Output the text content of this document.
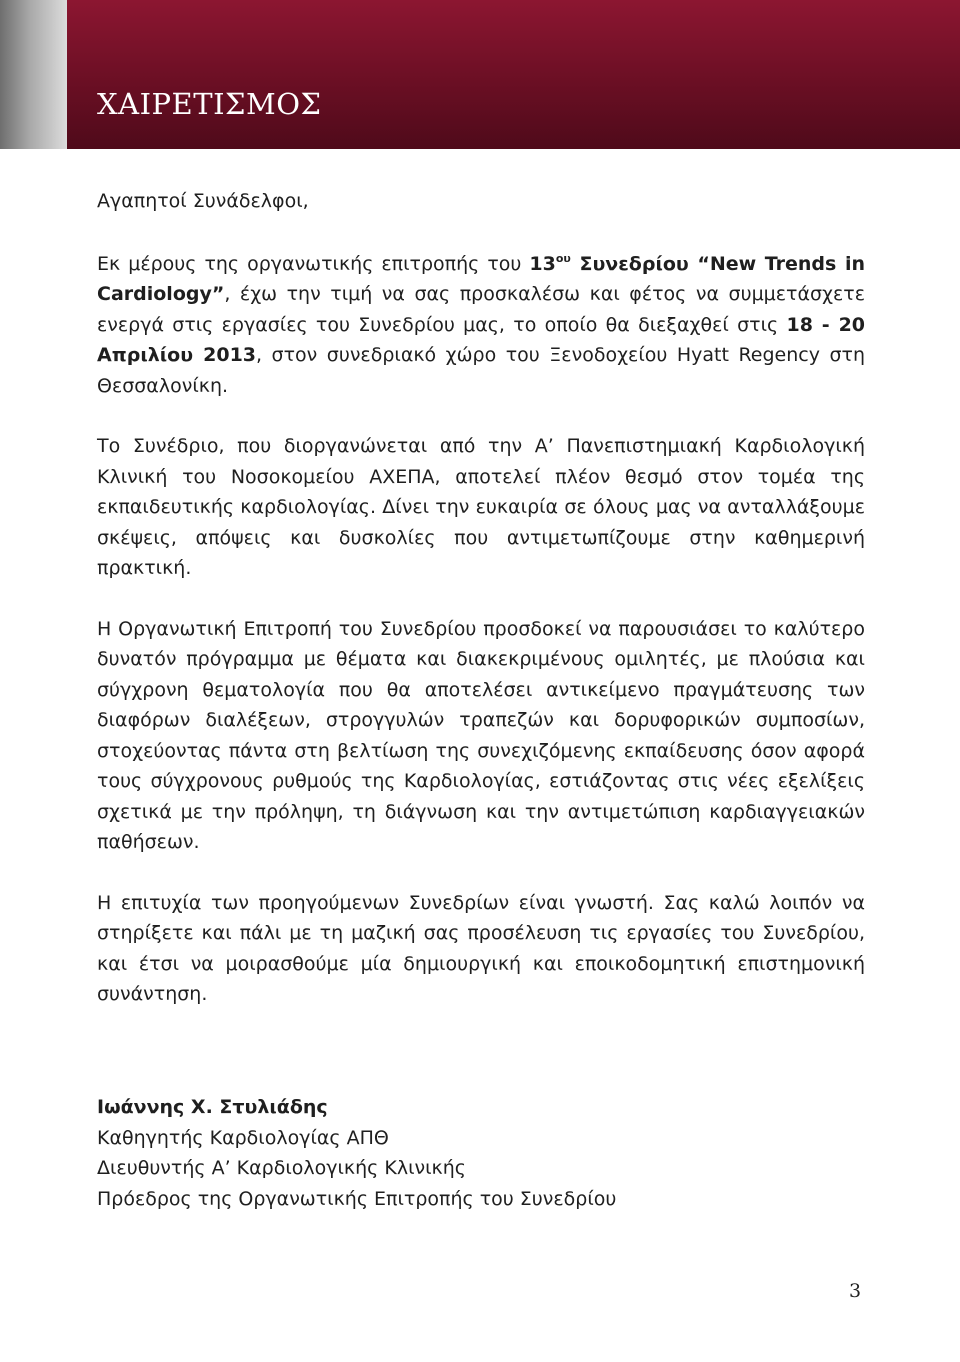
ΧΑΙΡΕΤΙΣΜΟΣ

Αγαπητοί Συνάδελφοι,

Εκ μέρους της οργανωτικής επιτροπής του $13^{o\upsilon}$ Συνεδρίου “New Trends in Cardiology”, έχω την τιμή να σας προσκαλέσω και φέτος να συμμετάσχετε ενεργά στις εργασίες του Συνεδρίου μας, το οποίο θα διεξαχθεί στις 18 - 20 Απριλίου 2013, στον συνεδριακό χώρο του Ξενοδοχείου Hyatt Regency στη Θεσσαλονίκη.

Το Συνέδριο, που διοργανώνεται από την Α’ Πανεπιστημιακή Καρδιολογική Κλινική του Νοσοκομείου ΑΧΕΠΑ, αποτελεί πλέον θεσμό στον τομέα της εκπαιδευτικής καρδιολογίας. Δίνει την ευκαιρία σε όλους μας να ανταλλάξουμε σκέψεις, απόψεις και δυσκολίες που αντιμετωπίζουμε στην καθημερινή πρακτική.

Η Οργανωτική Επιτροπή του Συνεδρίου προσδοκεί να παρουσιάσει το καλύτερο δυνατόν πρόγραμμα με θέματα και διακεκριμένους ομιλητές, με πλούσια και σύγχρονη θεματολογία που θα αποτελέσει αντικείμενο πραγμάτευσης των διαφόρων διαλέξεων, στρογγυλών τραπεζών και δορυφορικών συμποσίων, στοχεύοντας πάντα στη βελτίωση της συνεχιζόμενης εκπαίδευσης όσον αφορά τους σύγχρονους ρυθμούς της Καρδιολογίας, εστιάζοντας στις νέες εξελίξεις σχετικά με την πρόληψη, τη διάγνωση και την αντιμετώπιση καρδιαγγειακών παθήσεων.

Η επιτυχία των προηγούμενων Συνεδρίων είναι γνωστή. Σας καλώ λοιπόν να στηρίξετε και πάλι με τη μαζική σας προσέλευση τις εργασίες του Συνεδρίου, και έτσι να μοιρασθούμε μία δημιουργική και εποικοδομητική επιστημονική συνάντηση.

Ιωάννης Χ. Στυλιάδης
Καθηγητής Καρδιολογίας ΑΠΘ
Διευθυντής Α’ Καρδιολογικής Κλινικής
Πρόεδρος της Οργανωτικής Επιτροπής του Συνεδρίου
3
